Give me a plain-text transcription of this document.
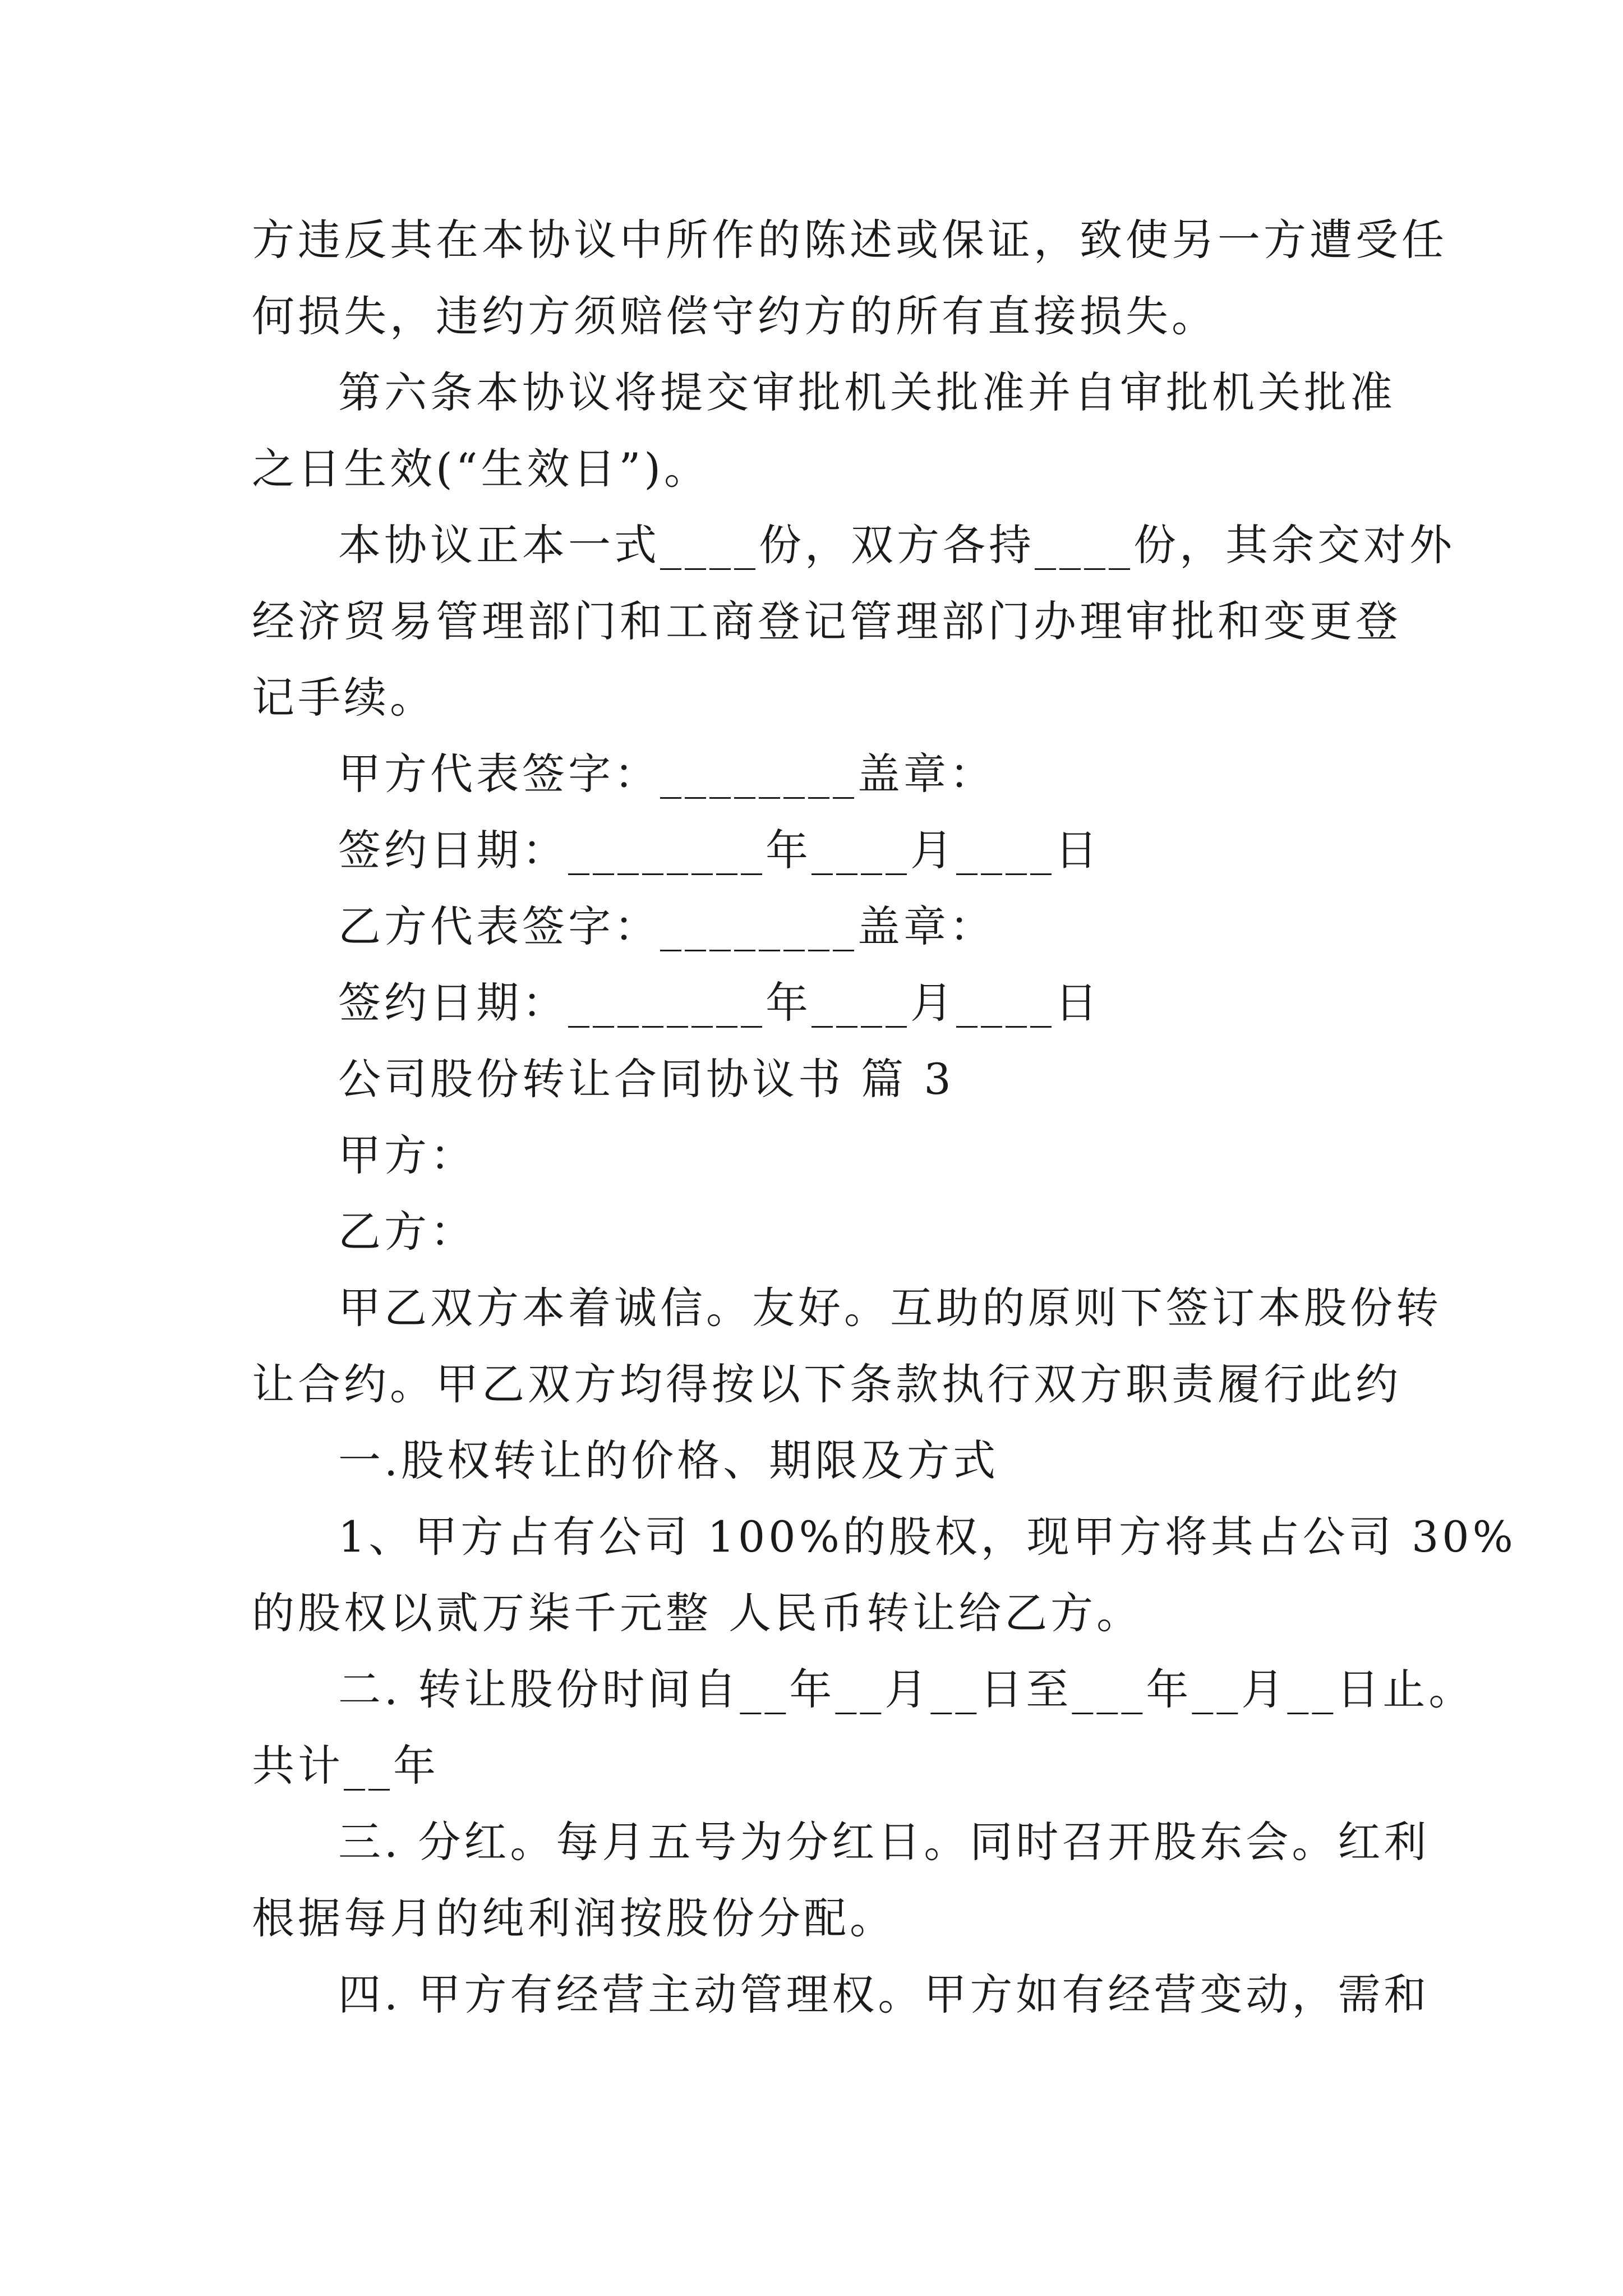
方违反其在本协议中所作的陈述或保证，致使另一方遭受任
何损失，违约方须赔偿守约方的所有直接损失。
第六条本协议将提交审批机关批准并自审批机关批准
之日生效(“生效日”)。
本协议正本一式____份，双方各持____份，其余交对外
经济贸易管理部门和工商登记管理部门办理审批和变更登
记手续。
甲方代表签字：________盖章：
签约日期：________年____月____日
乙方代表签字：________盖章：
签约日期：________年____月____日
公司股份转让合同协议书 篇 3
甲方：
乙方：
甲乙双方本着诚信。友好。互助的原则下签订本股份转
让合约。甲乙双方均得按以下条款执行双方职责履行此约
一.股权转让的价格、期限及方式
1、甲方占有公司 100%的股权，现甲方将其占公司 30%
的股权以贰万柒千元整 人民币转让给乙方。
二. 转让股份时间自__年__月__日至___年__月__日止。
共计__年
三. 分红。每月五号为分红日。同时召开股东会。红利
根据每月的纯利润按股份分配。
四. 甲方有经营主动管理权。甲方如有经营变动，需和
